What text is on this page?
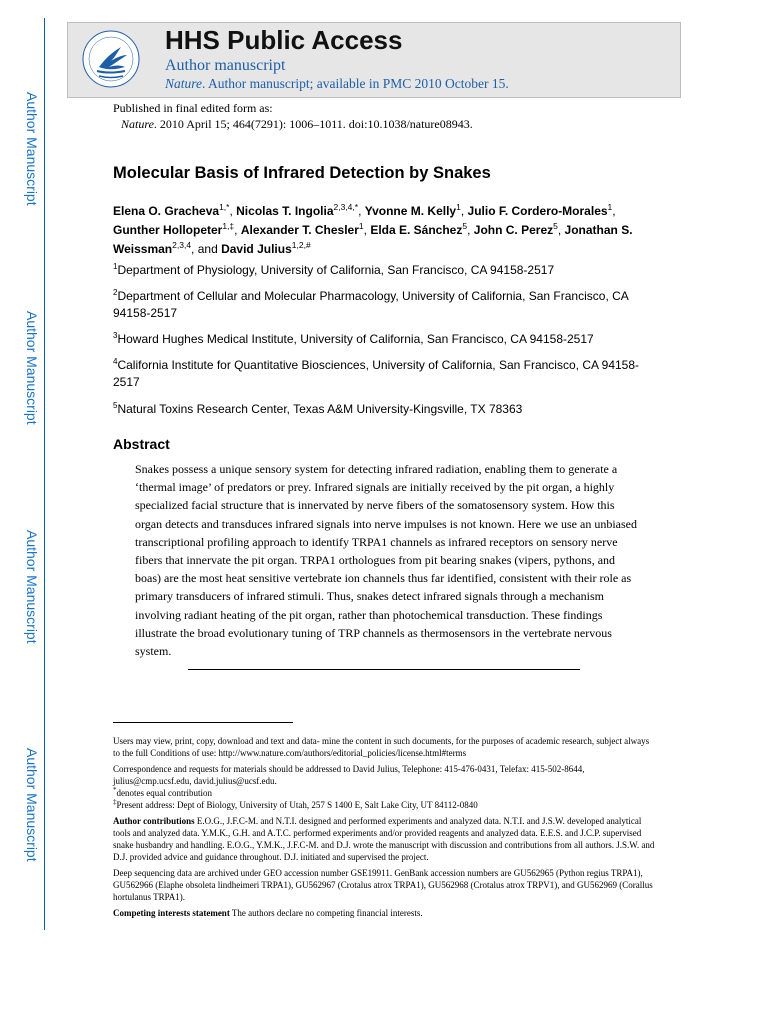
Author Manuscript
Author Manuscript
Author Manuscript
Author Manuscript
HHS Public Access
Author manuscript
Nature. Author manuscript; available in PMC 2010 October 15.
Published in final edited form as:
Nature. 2010 April 15; 464(7291): 1006–1011. doi:10.1038/nature08943.
Molecular Basis of Infrared Detection by Snakes
Elena O. Gracheva$^{1,*}$, Nicolas T. Ingolia$^{2,3,4,*}$, Yvonne M. Kelly$^1$, Julio F. Cordero-Morales$^1$, Gunther Hollopeter$^{1,\ddagger}$, Alexander T. Chesler$^1$, Elda E. Sánchez$^5$, John C. Perez$^5$, Jonathan S. Weissman$^{2,3,4}$, and David Julius$^{1,2,\#}$
$^1$Department of Physiology, University of California, San Francisco, CA 94158-2517
$^2$Department of Cellular and Molecular Pharmacology, University of California, San Francisco, CA 94158-2517
$^3$Howard Hughes Medical Institute, University of California, San Francisco, CA 94158-2517
$^4$California Institute for Quantitative Biosciences, University of California, San Francisco, CA 94158-2517
$^5$Natural Toxins Research Center, Texas A&M University-Kingsville, TX 78363
Abstract
Snakes possess a unique sensory system for detecting infrared radiation, enabling them to generate a ‘thermal image’ of predators or prey. Infrared signals are initially received by the pit organ, a highly specialized facial structure that is innervated by nerve fibers of the somatosensory system. How this organ detects and transduces infrared signals into nerve impulses is not known. Here we use an unbiased transcriptional profiling approach to identify TRPA1 channels as infrared receptors on sensory nerve fibers that innervate the pit organ. TRPA1 orthologues from pit bearing snakes (vipers, pythons, and boas) are the most heat sensitive vertebrate ion channels thus far identified, consistent with their role as primary transducers of infrared stimuli. Thus, snakes detect infrared signals through a mechanism involving radiant heating of the pit organ, rather than photochemical transduction. These findings illustrate the broad evolutionary tuning of TRP channels as thermosensors in the vertebrate nervous system.

Users may view, print, copy, download and text and data- mine the content in such documents, for the purposes of academic research, subject always to the full Conditions of use: http://www.nature.com/authors/editorial_policies/license.html#terms

Correspondence and requests for materials should be addressed to David Julius, Telephone: 415-476-0431, Telefax: 415-502-8644, julius@cmp.ucsf.edu, david.julius@ucsf.edu.

*denotes equal contribution

‡Present address: Dept of Biology, University of Utah, 257 S 1400 E, Salt Lake City, UT 84112-0840

Author contributions E.O.G., J.F.C-M. and N.T.I. designed and performed experiments and analyzed data. N.T.I. and J.S.W. developed analytical tools and analyzed data. Y.M.K., G.H. and A.T.C. performed experiments and/or provided reagents and analyzed data. E.E.S. and J.C.P. supervised snake husbandry and handling. E.O.G., Y.M.K., J.F.C-M. and D.J. wrote the manuscript with discussion and contributions from all authors. J.S.W. and D.J. provided advice and guidance throughout. D.J. initiated and supervised the project.

Deep sequencing data are archived under GEO accession number GSE19911. GenBank accession numbers are GU562965 (Python regius TRPA1), GU562966 (Elaphe obsoleta lindheimeri TRPA1), GU562967 (Crotalus atrox TRPA1), GU562968 (Crotalus atrox TRPV1), and GU562969 (Corallus hortulanus TRPA1).

Competing interests statement The authors declare no competing financial interests.
